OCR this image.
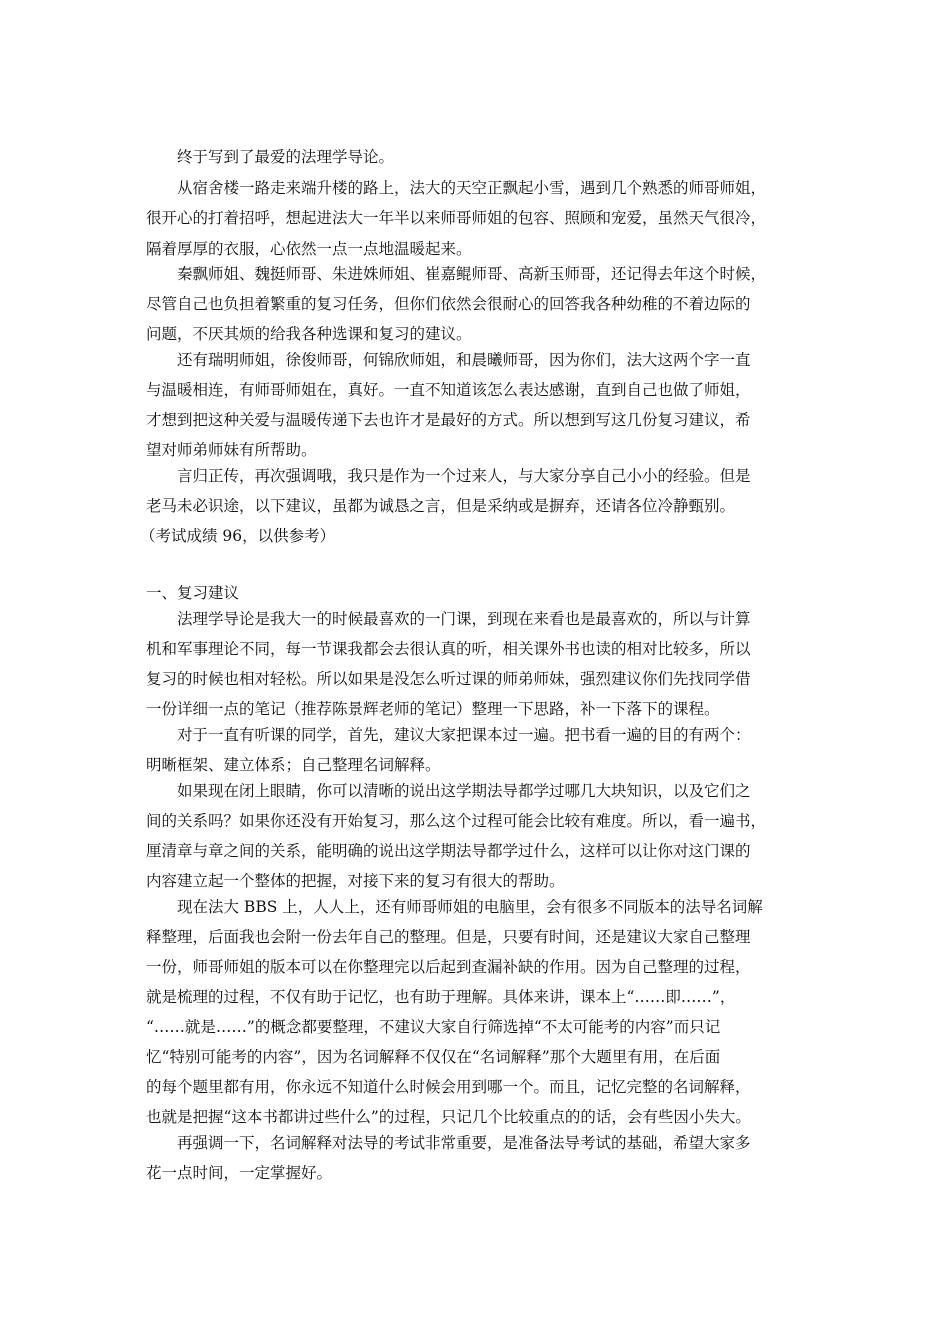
终于写到了最爱的法理学导论。
从宿舍楼一路走来端升楼的路上，法大的天空正飘起小雪，遇到几个熟悉的师哥师姐，
很开心的打着招呼，想起进法大一年半以来师哥师姐的包容、照顾和宠爱，虽然天气很冷，
隔着厚厚的衣服，心依然一点一点地温暖起来。
秦飘师姐、魏挺师哥、朱进姝师姐、崔嘉鲲师哥、高新玉师哥，还记得去年这个时候，
尽管自己也负担着繁重的复习任务，但你们依然会很耐心的回答我各种幼稚的不着边际的
问题，不厌其烦的给我各种选课和复习的建议。
还有瑞明师姐，徐俊师哥，何锦欣师姐，和晨曦师哥，因为你们，法大这两个字一直
与温暖相连，有师哥师姐在，真好。一直不知道该怎么表达感谢，直到自己也做了师姐，
才想到把这种关爱与温暖传递下去也许才是最好的方式。所以想到写这几份复习建议，希
望对师弟师妹有所帮助。
言归正传，再次强调哦，我只是作为一个过来人，与大家分享自己小小的经验。但是
老马未必识途，以下建议，虽都为诚恳之言，但是采纳或是摒弃，还请各位冷静甄别。
（考试成绩 96，以供参考）
一、复习建议
法理学导论是我大一的时候最喜欢的一门课，到现在来看也是最喜欢的，所以与计算
机和军事理论不同，每一节课我都会去很认真的听，相关课外书也读的相对比较多，所以
复习的时候也相对轻松。所以如果是没怎么听过课的师弟师妹，强烈建议你们先找同学借
一份详细一点的笔记（推荐陈景辉老师的笔记）整理一下思路，补一下落下的课程。
对于一直有听课的同学，首先，建议大家把课本过一遍。把书看一遍的目的有两个：
明晰框架、建立体系；自己整理名词解释。
如果现在闭上眼睛，你可以清晰的说出这学期法导都学过哪几大块知识，以及它们之
间的关系吗？如果你还没有开始复习，那么这个过程可能会比较有难度。所以，看一遍书，
厘清章与章之间的关系，能明确的说出这学期法导都学过什么，这样可以让你对这门课的
内容建立起一个整体的把握，对接下来的复习有很大的帮助。
现在法大 BBS 上，人人上，还有师哥师姐的电脑里，会有很多不同版本的法导名词解
释整理，后面我也会附一份去年自己的整理。但是，只要有时间，还是建议大家自己整理
一份，师哥师姐的版本可以在你整理完以后起到查漏补缺的作用。因为自己整理的过程，
就是梳理的过程，不仅有助于记忆，也有助于理解。具体来讲，课本上“……即……”，
“……就是……”的概念都要整理，不建议大家自行筛选掉“不太可能考的内容”而只记
忆“特别可能考的内容”，因为名词解释不仅仅在“名词解释”那个大题里有用，在后面
的每个题里都有用，你永远不知道什么时候会用到哪一个。而且，记忆完整的名词解释，
也就是把握“这本书都讲过些什么”的过程，只记几个比较重点的的话，会有些因小失大。
再强调一下，名词解释对法导的考试非常重要，是准备法导考试的基础，希望大家多
花一点时间，一定掌握好。
